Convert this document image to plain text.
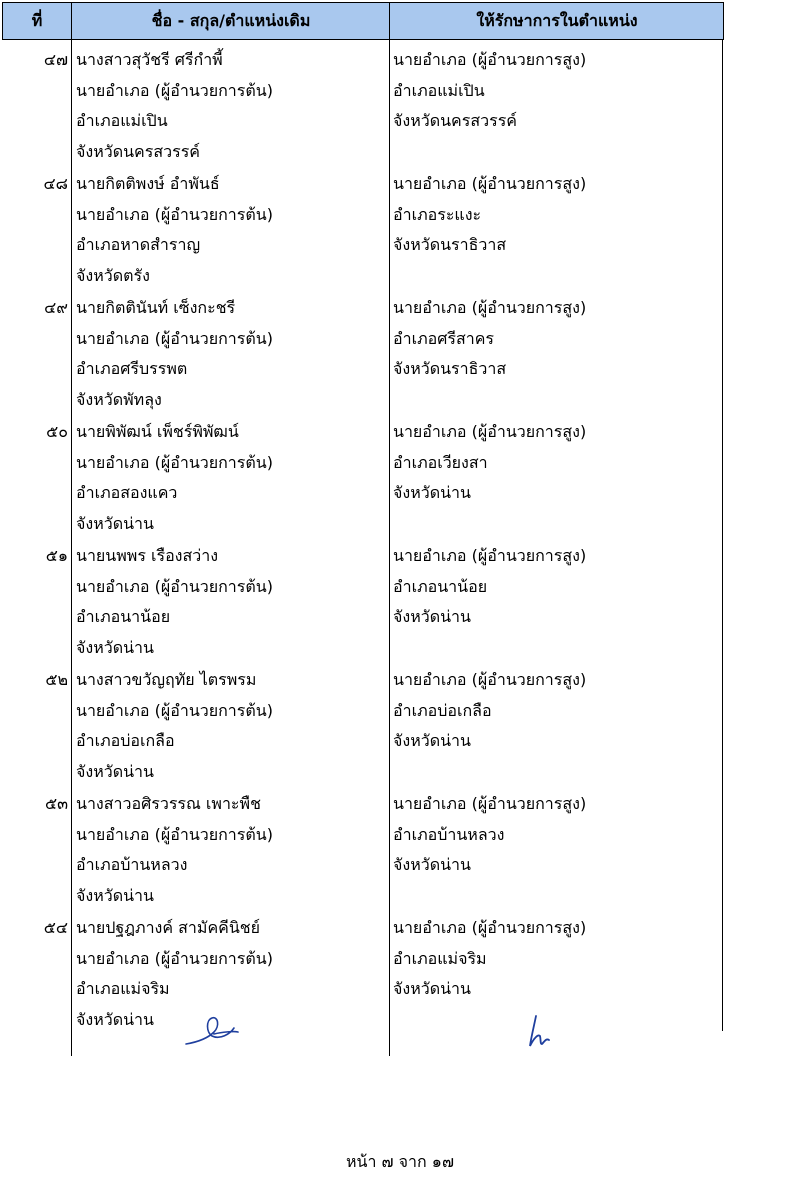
ที่	ชื่อ - สกุล/ตำแหน่งเดิม	ให้รักษาการในตำแหน่ง
๔๗ นางสาวสุวัชรี ศรีกำพี้
นายอำเภอ (ผู้อำนวยการต้น)
อำเภอแม่เปิน
จังหวัดนครสวรรค์
นายอำเภอ (ผู้อำนวยการสูง)
อำเภอแม่เปิน
จังหวัดนครสวรรค์
๔๘ นายกิตติพงษ์ อำพันธ์
นายอำเภอ (ผู้อำนวยการต้น)
อำเภอหาดสำราญ
จังหวัดตรัง
นายอำเภอ (ผู้อำนวยการสูง)
อำเภอระแงะ
จังหวัดนราธิวาส
๔๙ นายกิตตินันท์ เซ็งกะชรี
นายอำเภอ (ผู้อำนวยการต้น)
อำเภอศรีบรรพต
จังหวัดพัทลุง
นายอำเภอ (ผู้อำนวยการสูง)
อำเภอศรีสาคร
จังหวัดนราธิวาส
๕๐ นายพิพัฒน์ เพ็ชร์พิพัฒน์
นายอำเภอ (ผู้อำนวยการต้น)
อำเภอสองแคว
จังหวัดน่าน
นายอำเภอ (ผู้อำนวยการสูง)
อำเภอเวียงสา
จังหวัดน่าน
๕๑ นายนพพร เรืองสว่าง
นายอำเภอ (ผู้อำนวยการต้น)
อำเภอนาน้อย
จังหวัดน่าน
นายอำเภอ (ผู้อำนวยการสูง)
อำเภอนาน้อย
จังหวัดน่าน
๕๒ นางสาวขวัญฤทัย ไตรพรม
นายอำเภอ (ผู้อำนวยการต้น)
อำเภอบ่อเกลือ
จังหวัดน่าน
นายอำเภอ (ผู้อำนวยการสูง)
อำเภอบ่อเกลือ
จังหวัดน่าน
๕๓ นางสาวอศิรวรรณ เพาะพืช
นายอำเภอ (ผู้อำนวยการต้น)
อำเภอบ้านหลวง
จังหวัดน่าน
นายอำเภอ (ผู้อำนวยการสูง)
อำเภอบ้านหลวง
จังหวัดน่าน
๕๔ นายปฐฎภางค์ สามัคคีนิชย์
นายอำเภอ (ผู้อำนวยการต้น)
อำเภอแม่จริม
จังหวัดน่าน
นายอำเภอ (ผู้อำนวยการสูง)
อำเภอแม่จริม
จังหวัดน่าน
หน้า ๗ จาก ๑๗
